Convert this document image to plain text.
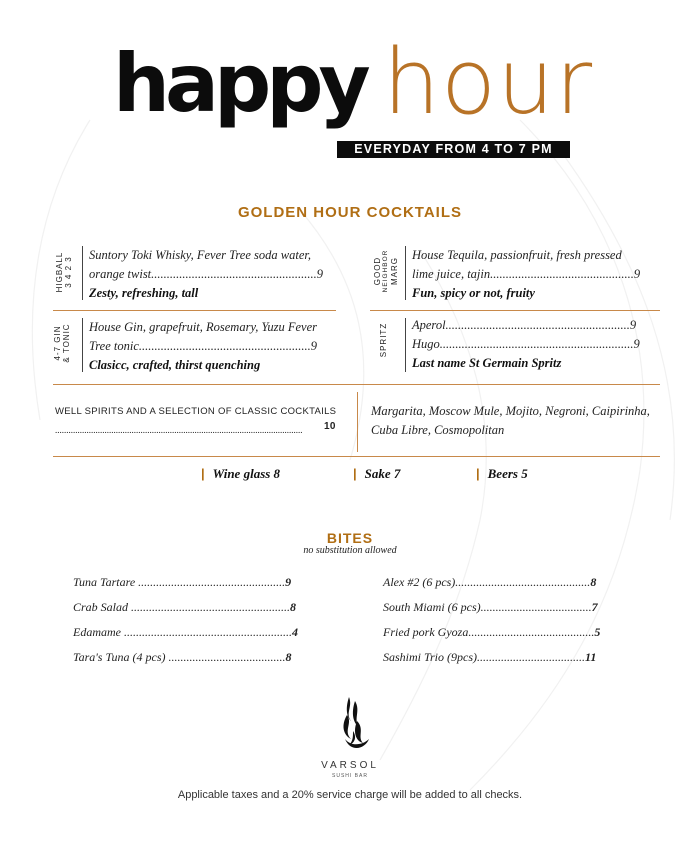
happy hour
EVERYDAY FROM 4 TO 7 PM
GOLDEN HOUR COCKTAILS
HIGBALL 3 4 2 3
Suntory Toki Whisky, Fever Tree soda water,
orange twist.....................................................9
Zesty, refreshing, tall
GOOD NEIGHBOR MARG
House Tequila, passionfruit, fresh pressed
lime juice, tajin..............................................9
Fun, spicy or not, fruity
4-7 GIN & TONIC House Gin, grapefruit, Rosemary, Yuzu Fever
Tree tonic.......................................................9
Clasicc, crafted, thirst quenching
SPRITZ Aperol...........................................................9
Hugo..............................................................9
Last name St Germain Spritz
WELL SPIRITS AND A SELECTION OF CLASSIC COCKTAILS
..............................................................................................................	10
Margarita, Moscow Mule, Mojito, Negroni, Caipirinha,
Cuba Libre, Cosmopolitan
| Wine glass 8	| Sake 7	| Beers 5
BITES
no substitution allowed
Tuna Tartare .................................................9
Crab Salad .....................................................8
Edamame ........................................................4
Tara's Tuna (4 pcs) .......................................8
Alex #2 (6 pcs).............................................8
South Miami (6 pcs).....................................7
Fried pork Gyoza..........................................5
Sashimi Trio (9pcs)....................................11
VARSOL
SUSHI BAR
Applicable taxes and a 20% service charge will be added to all checks.
